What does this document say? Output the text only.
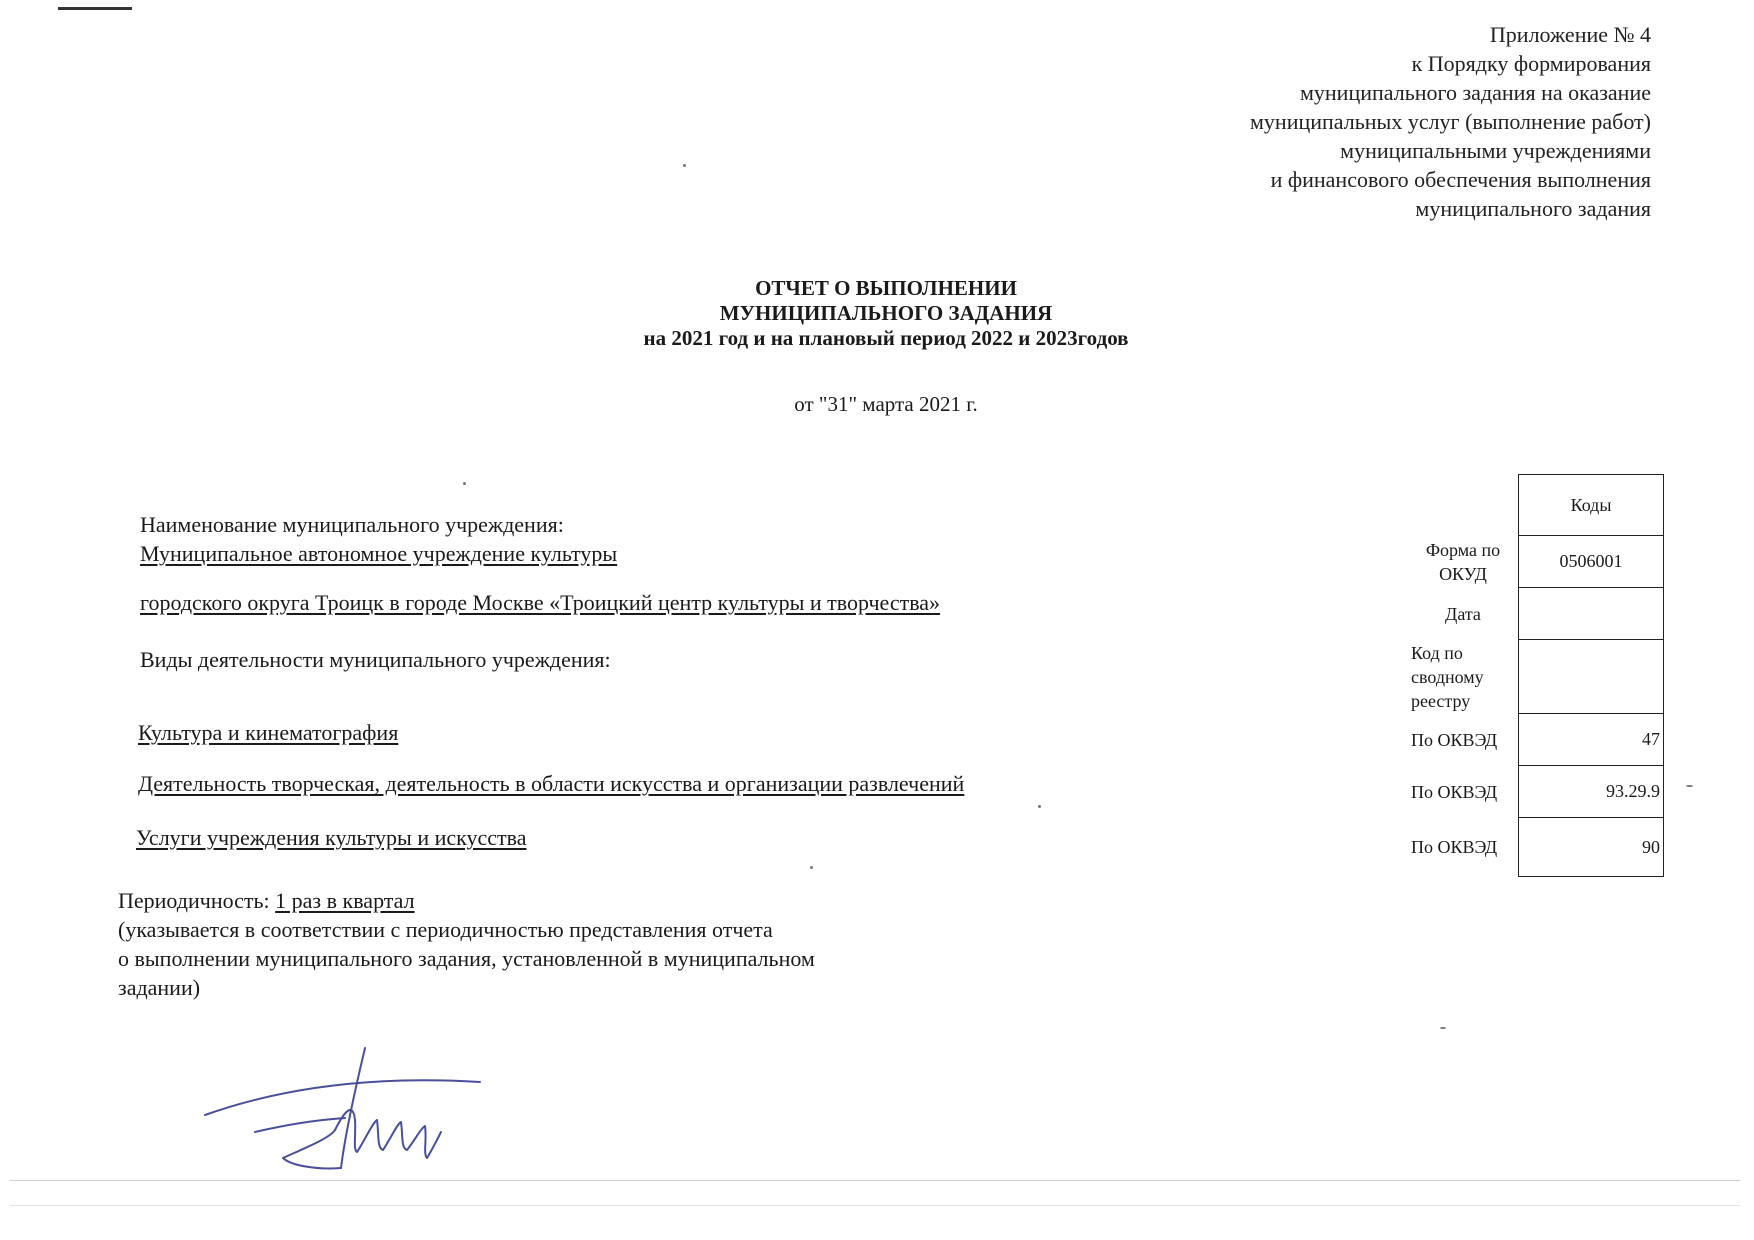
Приложение № 4
к Порядку формирования
муниципального задания на оказание
муниципальных услуг (выполнение работ)
муниципальными учреждениями
и финансового обеспечения выполнения
муниципального задания
ОТЧЕТ О ВЫПОЛНЕНИИ
МУНИЦИПАЛЬНОГО ЗАДАНИЯ
на 2021 год и на плановый период 2022 и 2023годов
от "31" марта 2021 г.
Наименование муниципального учреждения:
Муниципальное автономное учреждение культуры
городского округа Троицк в городе Москве «Троицкий центр культуры и творчества»
Виды деятельности муниципального учреждения:
Культура и кинематография
Деятельность творческая, деятельность в области искусства и организации развлечений
Услуги учреждения культуры и искусства
	Коды
Форма по ОКУД	0506001
Дата	
Код по сводному реестру	
По ОКВЭД	47
По ОКВЭД	93.29.9
По ОКВЭД	90
Периодичность: 1 раз в квартал
(указывается в соответствии с периодичностью представления отчета
о выполнении муниципального задания, установленной в муниципальном
задании)
